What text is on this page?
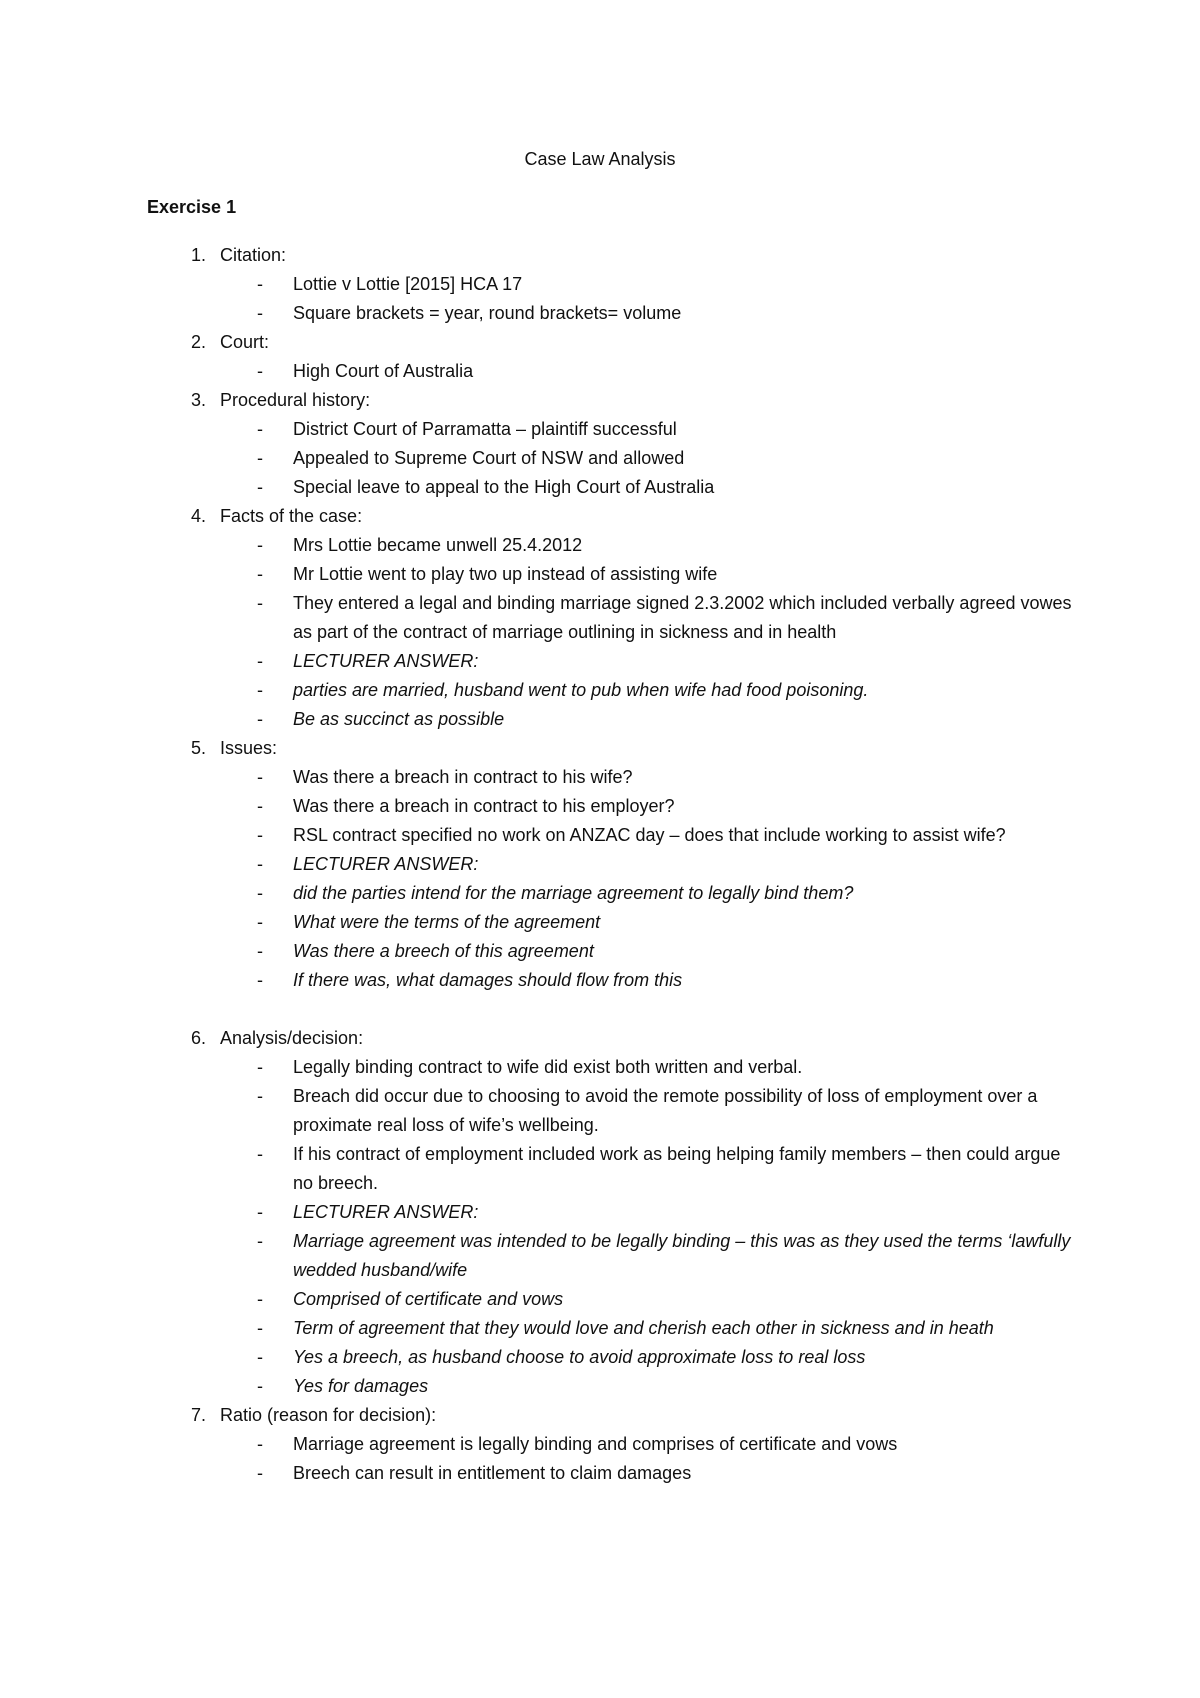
Case Law Analysis
Exercise 1
1. Citation:
- Lottie v Lottie [2015] HCA 17
- Square brackets = year, round brackets= volume
2. Court:
- High Court of Australia
3. Procedural history:
- District Court of Parramatta – plaintiff successful
- Appealed to Supreme Court of NSW and allowed
- Special leave to appeal to the High Court of Australia
4. Facts of the case:
- Mrs Lottie became unwell 25.4.2012
- Mr Lottie went to play two up instead of assisting wife
- They entered a legal and binding marriage signed 2.3.2002 which included verbally agreed vowes as part of the contract of marriage outlining in sickness and in health
- LECTURER ANSWER:
- parties are married, husband went to pub when wife had food poisoning.
- Be as succinct as possible
5. Issues:
- Was there a breach in contract to his wife?
- Was there a breach in contract to his employer?
- RSL contract specified no work on ANZAC day – does that include working to assist wife?
- LECTURER ANSWER:
- did the parties intend for the marriage agreement to legally bind them?
- What were the terms of the agreement
- Was there a breech of this agreement
- If there was, what damages should flow from this
6. Analysis/decision:
- Legally binding contract to wife did exist both written and verbal.
- Breach did occur due to choosing to avoid the remote possibility of loss of employment over a proximate real loss of wife’s wellbeing.
- If his contract of employment included work as being helping family members – then could argue no breech.
- LECTURER ANSWER:
- Marriage agreement was intended to be legally binding – this was as they used the terms ‘lawfully wedded husband/wife
- Comprised of certificate and vows
- Term of agreement that they would love and cherish each other in sickness and in heath
- Yes a breech, as husband choose to avoid approximate loss to real loss
- Yes for damages
7. Ratio (reason for decision):
- Marriage agreement is legally binding and comprises of certificate and vows
- Breech can result in entitlement to claim damages
